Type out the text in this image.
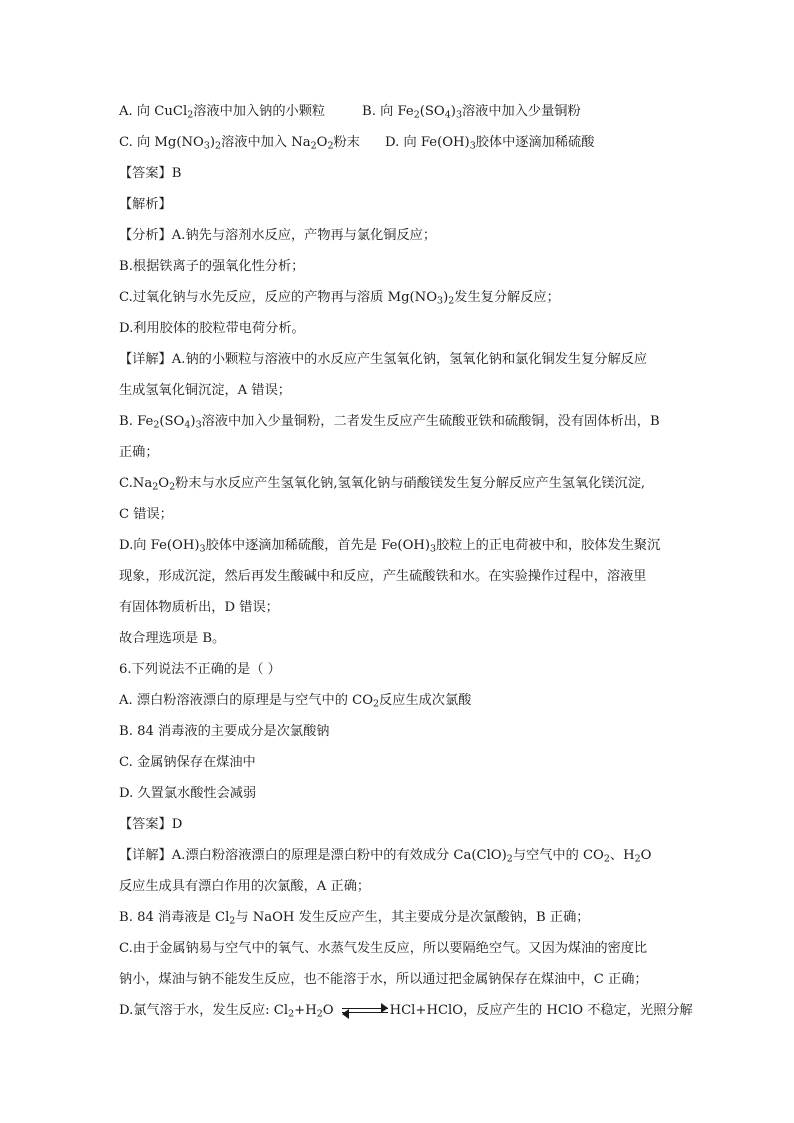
A. 向 CuCl$_2$溶液中加入钠的小颗粒	B. 向 $Fe_2(SO_4)_3$溶液中加入少量铜粉
C. 向 $Mg(NO_3)_2$溶液中加入 $Na_2O_2$粉末 D. 向 $Fe(OH)_3$胶体中逐滴加稀硫酸
【答案】B
【解析】
【分析】A.钠先与溶剂水反应，产物再与氯化铜反应；
B.根据铁离子的强氧化性分析；
C.过氧化钠与水先反应，反应的产物再与溶质 $Mg(NO_3)_2$发生复分解反应；
D.利用胶体的胶粒带电荷分析。
【详解】A.钠的小颗粒与溶液中的水反应产生氢氧化钠，氢氧化钠和氯化铜发生复分解反应
生成氢氧化铜沉淀，A 错误；
B. $Fe_2(SO_4)_3$溶液中加入少量铜粉，二者发生反应产生硫酸亚铁和硫酸铜，没有固体析出，B
正确；
$C.Na_2O_2$粉末与水反应产生氢氧化钠,氢氧化钠与硝酸镁发生复分解反应产生氢氧化镁沉淀,
C 错误；
D.向 $Fe(OH)_3$胶体中逐滴加稀硫酸，首先是 $Fe(OH)_3$胶粒上的正电荷被中和，胶体发生聚沉
现象，形成沉淀，然后再发生酸碱中和反应，产生硫酸铁和水。在实验操作过程中，溶液里
有固体物质析出，D 错误；
故合理选项是 B。
6.下列说法不正确的是（ ）
A. 漂白粉溶液漂白的原理是与空气中的 $CO_2$反应生成次氯酸
B. 84 消毒液的主要成分是次氯酸钠
C. 金属钠保存在煤油中
D. 久置氯水酸性会减弱
【答案】D
【详解】A.漂白粉溶液漂白的原理是漂白粉中的有效成分 $Ca(ClO)_2$与空气中的 $CO_2$、$H_2O$
反应生成具有漂白作用的次氯酸，A 正确；
B. 84 消毒液是 $Cl_2$与 NaOH 发生反应产生，其主要成分是次氯酸钠，B 正确；
C.由于金属钠易与空气中的氧气、水蒸气发生反应，所以要隔绝空气。又因为煤油的密度比
钠小，煤油与钠不能发生反应，也不能溶于水，所以通过把金属钠保存在煤油中，C 正确；
D.氯气溶于水，发生反应: $Cl_2+H_2O$	HCl+HClO，反应产生的 HClO 不稳定，光照分解
